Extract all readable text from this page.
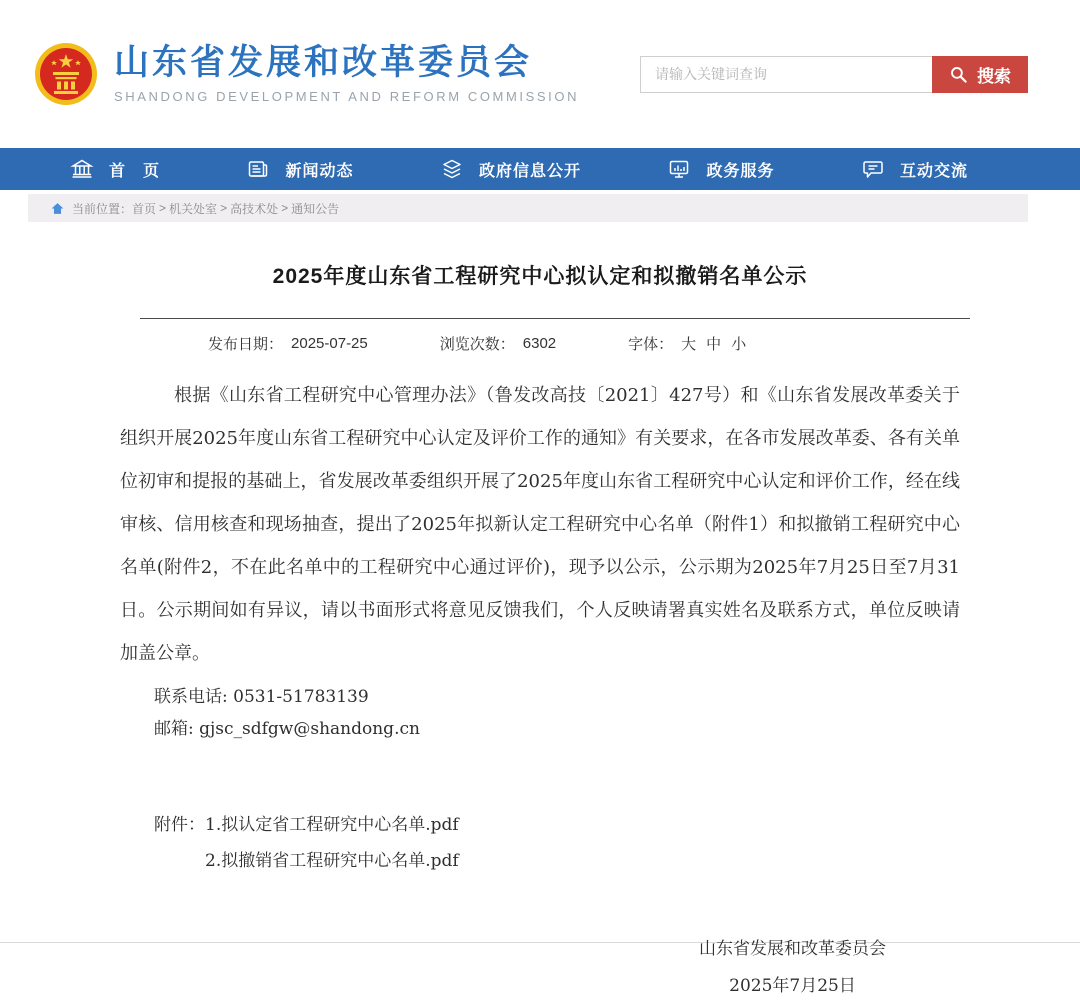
山东省发展和改革委员会
SHANDONG DEVELOPMENT AND REFORM COMMISSION
请输入关键词查询
搜索
首　页	新闻动态	政府信息公开	政务服务	互动交流
当前位置： 首页 > 机关处室 > 高技术处 > 通知公告
2025年度山东省工程研究中心拟认定和拟撤销名单公示
发布日期： 2025-07-25	浏览次数： 6302	字体： 大 中 小

根据《山东省工程研究中心管理办法》（鲁发改高技〔2021〕427号）和《山东省发展改革委关于组织开展2025年度山东省工程研究中心认定及评价工作的通知》有关要求，在各市发展改革委、各有关单位初审和提报的基础上，省发展改革委组织开展了2025年度山东省工程研究中心认定和评价工作，经在线审核、信用核查和现场抽查，提出了2025年拟新认定工程研究中心名单（附件1）和拟撤销工程研究中心名单(附件2，不在此名单中的工程研究中心通过评价)，现予以公示，公示期为2025年7月25日至7月31日。公示期间如有异议，请以书面形式将意见反馈我们，个人反映请署真实姓名及联系方式，单位反映请加盖公章。

联系电话: 0531-51783139

邮箱: gjsc_sdfgw@shandong.cn

附件： 1.拟认定省工程研究中心名单.pdf
2.拟撤销省工程研究中心名单.pdf
山东省发展和改革委员会
2025年7月25日
